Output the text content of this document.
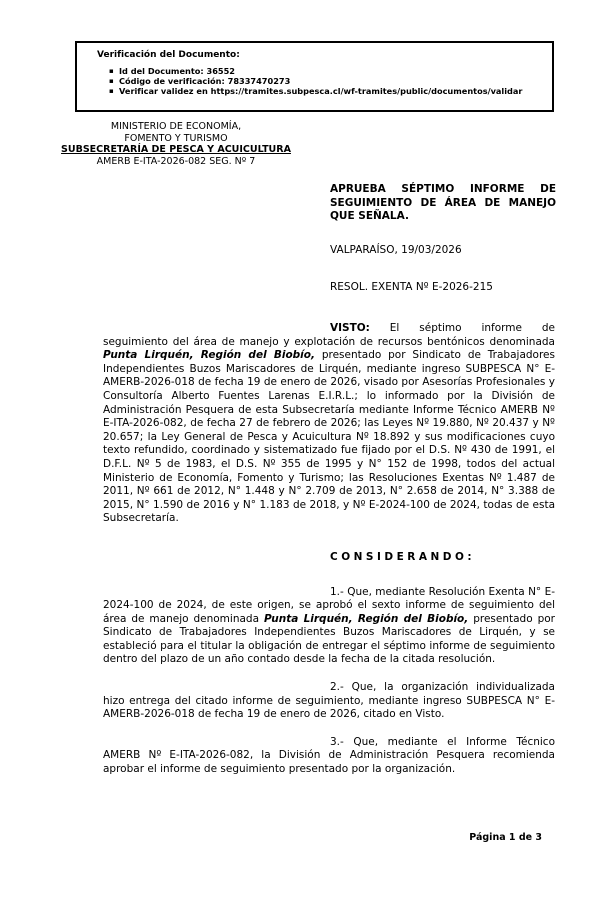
Verificación del Documento:

▪ Id del Documento: 36552
▪ Código de verificación: 78337470273
▪ Verificar validez en https://tramites.subpesca.cl/wf-tramites/public/documentos/validar
MINISTERIO DE ECONOMÍA,
FOMENTO Y TURISMO
SUBSECRETARÍA DE PESCA Y ACUICULTURA
AMERB E-ITA-2026-082 SEG. Nº 7
APRUEBA SÉPTIMO INFORME DE SEGUIMIENTO DE ÁREA DE MANEJO QUE SEÑALA.
VALPARAÍSO, 19/03/2026
RESOL. EXENTA Nº E-2026-215

VISTO: El séptimo informe de seguimiento del área de manejo y explotación de recursos bentónicos denominada Punta Lirquén, Región del Biobío, presentado por Sindicato de Trabajadores Independientes Buzos Mariscadores de Lirquén, mediante ingreso SUBPESCA N° E-AMERB-2026-018 de fecha 19 de enero de 2026, visado por Asesorías Profesionales y Consultoría Alberto Fuentes Larenas E.I.R.L.; lo informado por la División de Administración Pesquera de esta Subsecretaría mediante Informe Técnico AMERB Nº E-ITA-2026-082, de fecha 27 de febrero de 2026; las Leyes Nº 19.880, Nº 20.437 y Nº 20.657; la Ley General de Pesca y Acuicultura Nº 18.892 y sus modificaciones cuyo texto refundido, coordinado y sistematizado fue fijado por el D.S. Nº 430 de 1991, el D.F.L. Nº 5 de 1983, el D.S. Nº 355 de 1995 y N° 152 de 1998, todos del actual Ministerio de Economía, Fomento y Turismo; las Resoluciones Exentas Nº 1.487 de 2011, Nº 661 de 2012, N° 1.448 y N° 2.709 de 2013, N° 2.658 de 2014, N° 3.388 de 2015, N° 1.590 de 2016 y N° 1.183 de 2018, y Nº E-2024-100 de 2024, todas de esta Subsecretaría.

CONSIDERANDO:

1.- Que, mediante Resolución Exenta N° E-2024-100 de 2024, de este origen, se aprobó el sexto informe de seguimiento del área de manejo denominada Punta Lirquén, Región del Biobío, presentado por Sindicato de Trabajadores Independientes Buzos Mariscadores de Lirquén, y se estableció para el titular la obligación de entregar el séptimo informe de seguimiento dentro del plazo de un año contado desde la fecha de la citada resolución.

2.- Que, la organización individualizada hizo entrega del citado informe de seguimiento, mediante ingreso SUBPESCA N° E-AMERB-2026-018 de fecha 19 de enero de 2026, citado en Visto.

3.- Que, mediante el Informe Técnico AMERB Nº E-ITA-2026-082, la División de Administración Pesquera recomienda aprobar el informe de seguimiento presentado por la organización.

Página 1 de 3
